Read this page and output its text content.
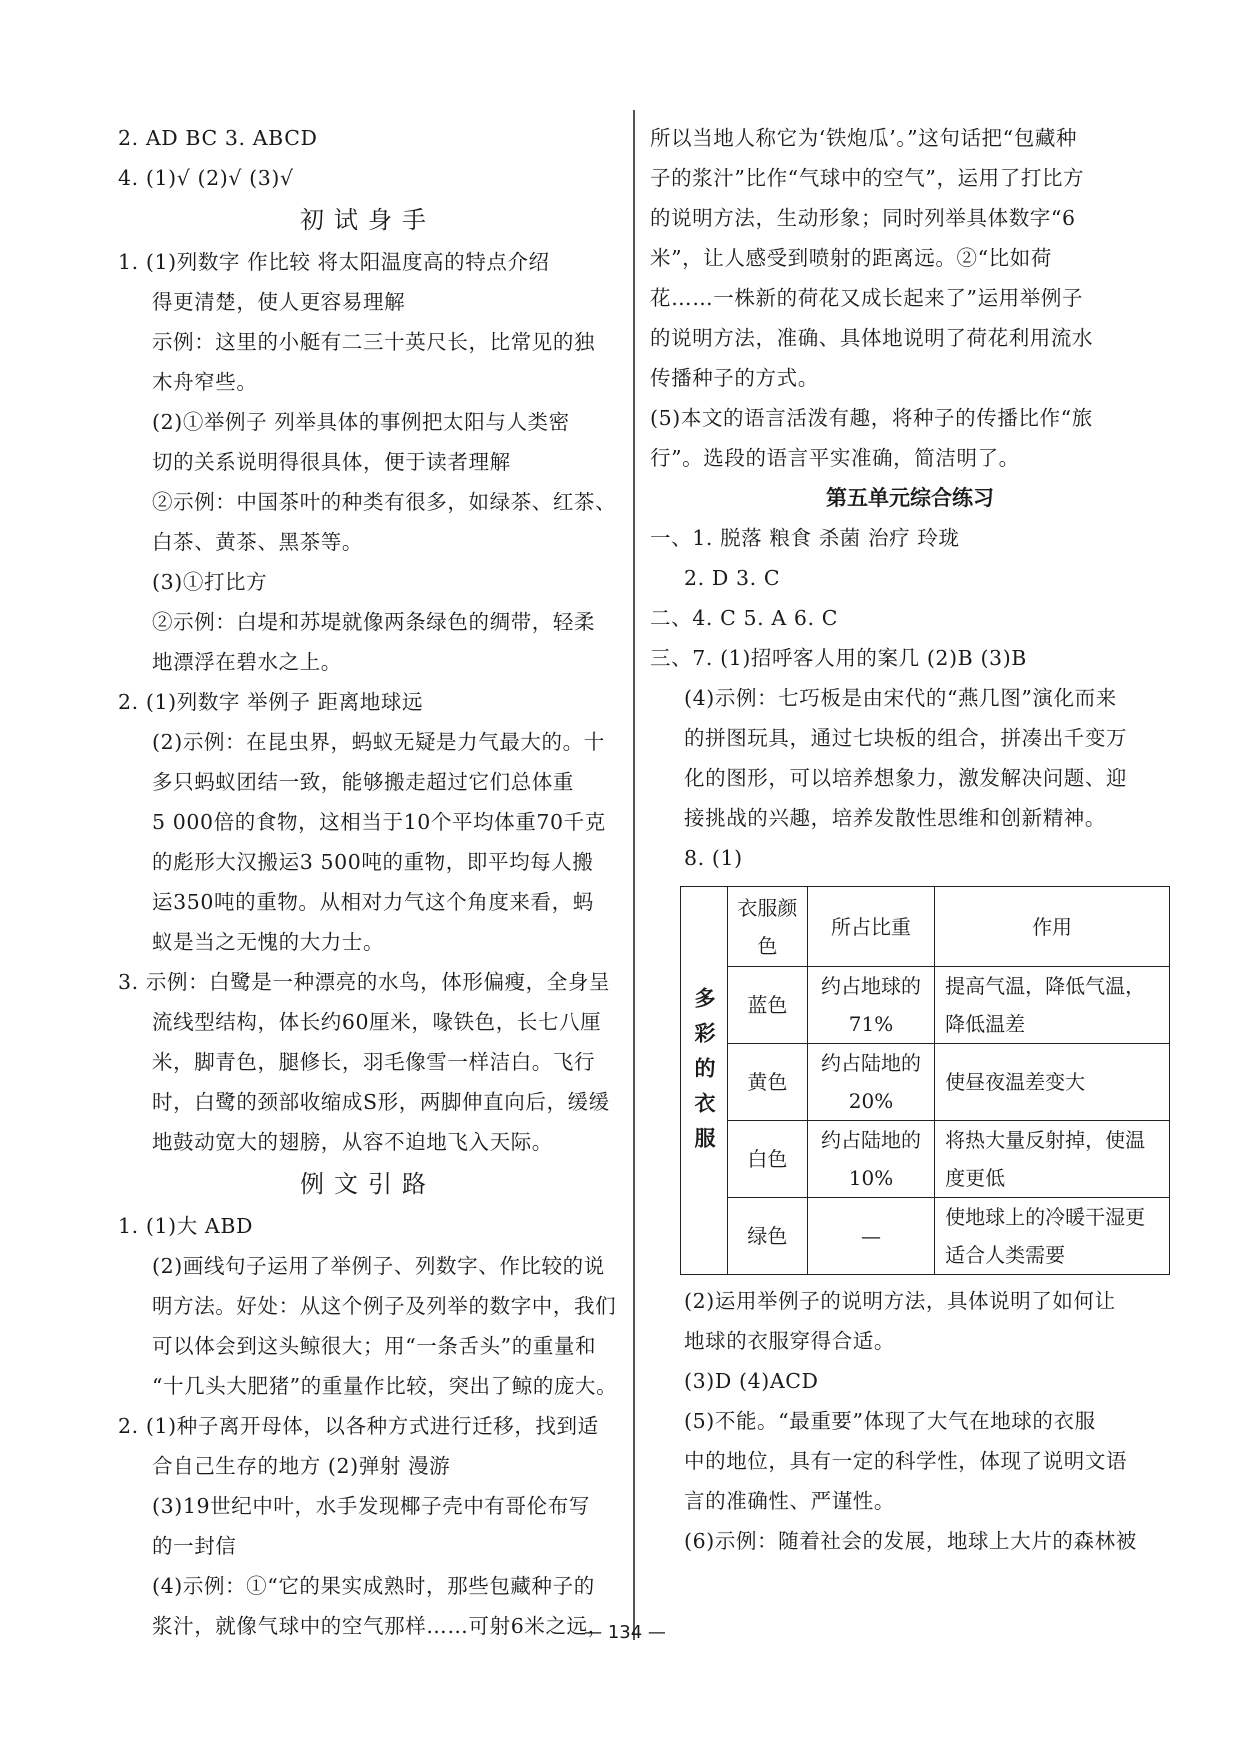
2. AD BC 3. ABCD
4. (1)√ (2)√ (3)√
初试身手
1. (1)列数字 作比较 将太阳温度高的特点介绍
得更清楚，使人更容易理解
示例：这里的小艇有二三十英尺长，比常见的独
木舟窄些。
(2)①举例子 列举具体的事例把太阳与人类密
切的关系说明得很具体，便于读者理解
②示例：中国茶叶的种类有很多，如绿茶、红茶、
白茶、黄茶、黑茶等。
(3)①打比方
②示例：白堤和苏堤就像两条绿色的绸带，轻柔
地漂浮在碧水之上。
2. (1)列数字 举例子 距离地球远
(2)示例：在昆虫界，蚂蚁无疑是力气最大的。十
多只蚂蚁团结一致，能够搬走超过它们总体重
5 000倍的食物，这相当于10个平均体重70千克
的彪形大汉搬运3 500吨的重物，即平均每人搬
运350吨的重物。从相对力气这个角度来看，蚂
蚁是当之无愧的大力士。
3. 示例：白鹭是一种漂亮的水鸟，体形偏瘦，全身呈
流线型结构，体长约60厘米，喙铁色，长七八厘
米，脚青色，腿修长，羽毛像雪一样洁白。飞行
时，白鹭的颈部收缩成S形，两脚伸直向后，缓缓
地鼓动宽大的翅膀，从容不迫地飞入天际。
例文引路
1. (1)大 ABD
(2)画线句子运用了举例子、列数字、作比较的说
明方法。好处：从这个例子及列举的数字中，我们
可以体会到这头鲸很大；用“一条舌头”的重量和
“十几头大肥猪”的重量作比较，突出了鲸的庞大。
2. (1)种子离开母体，以各种方式进行迁移，找到适
合自己生存的地方 (2)弹射 漫游
(3)19世纪中叶，水手发现椰子壳中有哥伦布写
的一封信
(4)示例：①“它的果实成熟时，那些包藏种子的
浆汁，就像气球中的空气那样……可射6米之远，
所以当地人称它为‘铁炮瓜’。”这句话把“包藏种
子的浆汁”比作“气球中的空气”，运用了打比方
的说明方法，生动形象；同时列举具体数字“6
米”，让人感受到喷射的距离远。②“比如荷
花……一株新的荷花又成长起来了”运用举例子
的说明方法，准确、具体地说明了荷花利用流水
传播种子的方式。
(5)本文的语言活泼有趣，将种子的传播比作“旅
行”。选段的语言平实准确，简洁明了。
第五单元综合练习
一、1. 脱落 粮食 杀菌 治疗 玲珑
2. D 3. C
二、4. C 5. A 6. C
三、7. (1)招呼客人用的案几 (2)B (3)B
(4)示例：七巧板是由宋代的“燕几图”演化而来
的拼图玩具，通过七块板的组合，拼凑出千变万
化的图形，可以培养想象力，激发解决问题、迎
接挑战的兴趣，培养发散性思维和创新精神。
8. (1)
多彩的衣服	衣服颜色	所占比重	作用
	蓝色	约占地球的71%	提高气温，降低气温，降低温差
	黄色	约占陆地的20%	使昼夜温差变大
	白色	约占陆地的10%	将热大量反射掉，使温度更低
	绿色	—	使地球上的冷暖干湿更适合人类需要
(2)运用举例子的说明方法，具体说明了如何让
地球的衣服穿得合适。
(3)D (4)ACD
(5)不能。“最重要”体现了大气在地球的衣服
中的地位，具有一定的科学性，体现了说明文语
言的准确性、严谨性。
(6)示例：随着社会的发展，地球上大片的森林被
— 134 —
